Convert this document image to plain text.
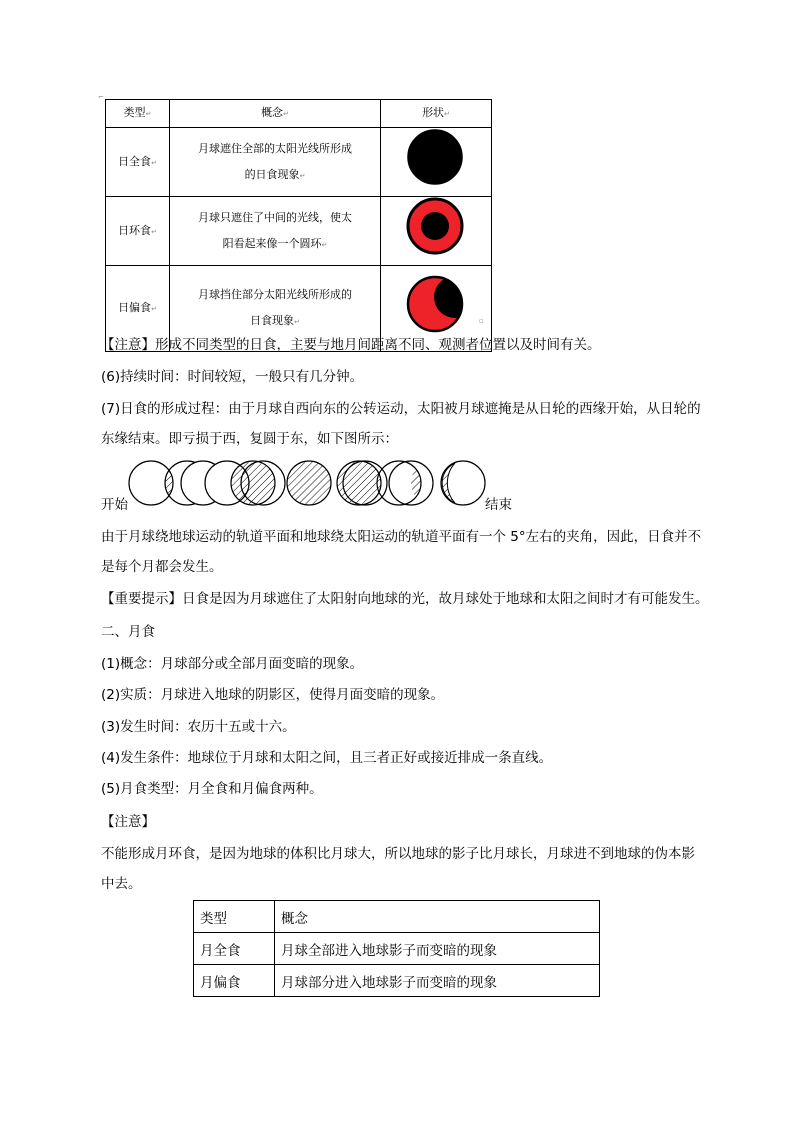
⌐
▫
类型↵	概念↵	形状↵
日全食↵	月球遮住全部的太阳光线所形成
的日食现象↵

日环食↵	月球只遮住了中间的光线，使太
阳看起来像一个圆环↵

日偏食↵	月球挡住部分太阳光线所形成的
日食现象↵

【注意】形成不同类型的日食，主要与地月间距离不同、观测者位置以及时间有关。
(6)持续时间：时间较短，一般只有几分钟。
(7)日食的形成过程：由于月球自西向东的公转运动，太阳被月球遮掩是从日轮的西缘开始，从日轮的
东缘结束。即亏损于西，复圆于东，如下图所示：
开始	结束
由于月球绕地球运动的轨道平面和地球绕太阳运动的轨道平面有一个 5°左右的夹角，因此，日食并不
是每个月都会发生。
【重要提示】日食是因为月球遮住了太阳射向地球的光，故月球处于地球和太阳之间时才有可能发生。
二、月食
(1)概念：月球部分或全部月面变暗的现象。
(2)实质：月球进入地球的阴影区，使得月面变暗的现象。
(3)发生时间：农历十五或十六。
(4)发生条件：地球位于月球和太阳之间，且三者正好或接近排成一条直线。
(5)月食类型：月全食和月偏食两种。
【注意】
不能形成月环食，是因为地球的体积比月球大，所以地球的影子比月球长，月球进不到地球的伪本影
中去。
类型	概念
月全食	月球全部进入地球影子而变暗的现象
月偏食	月球部分进入地球影子而变暗的现象
